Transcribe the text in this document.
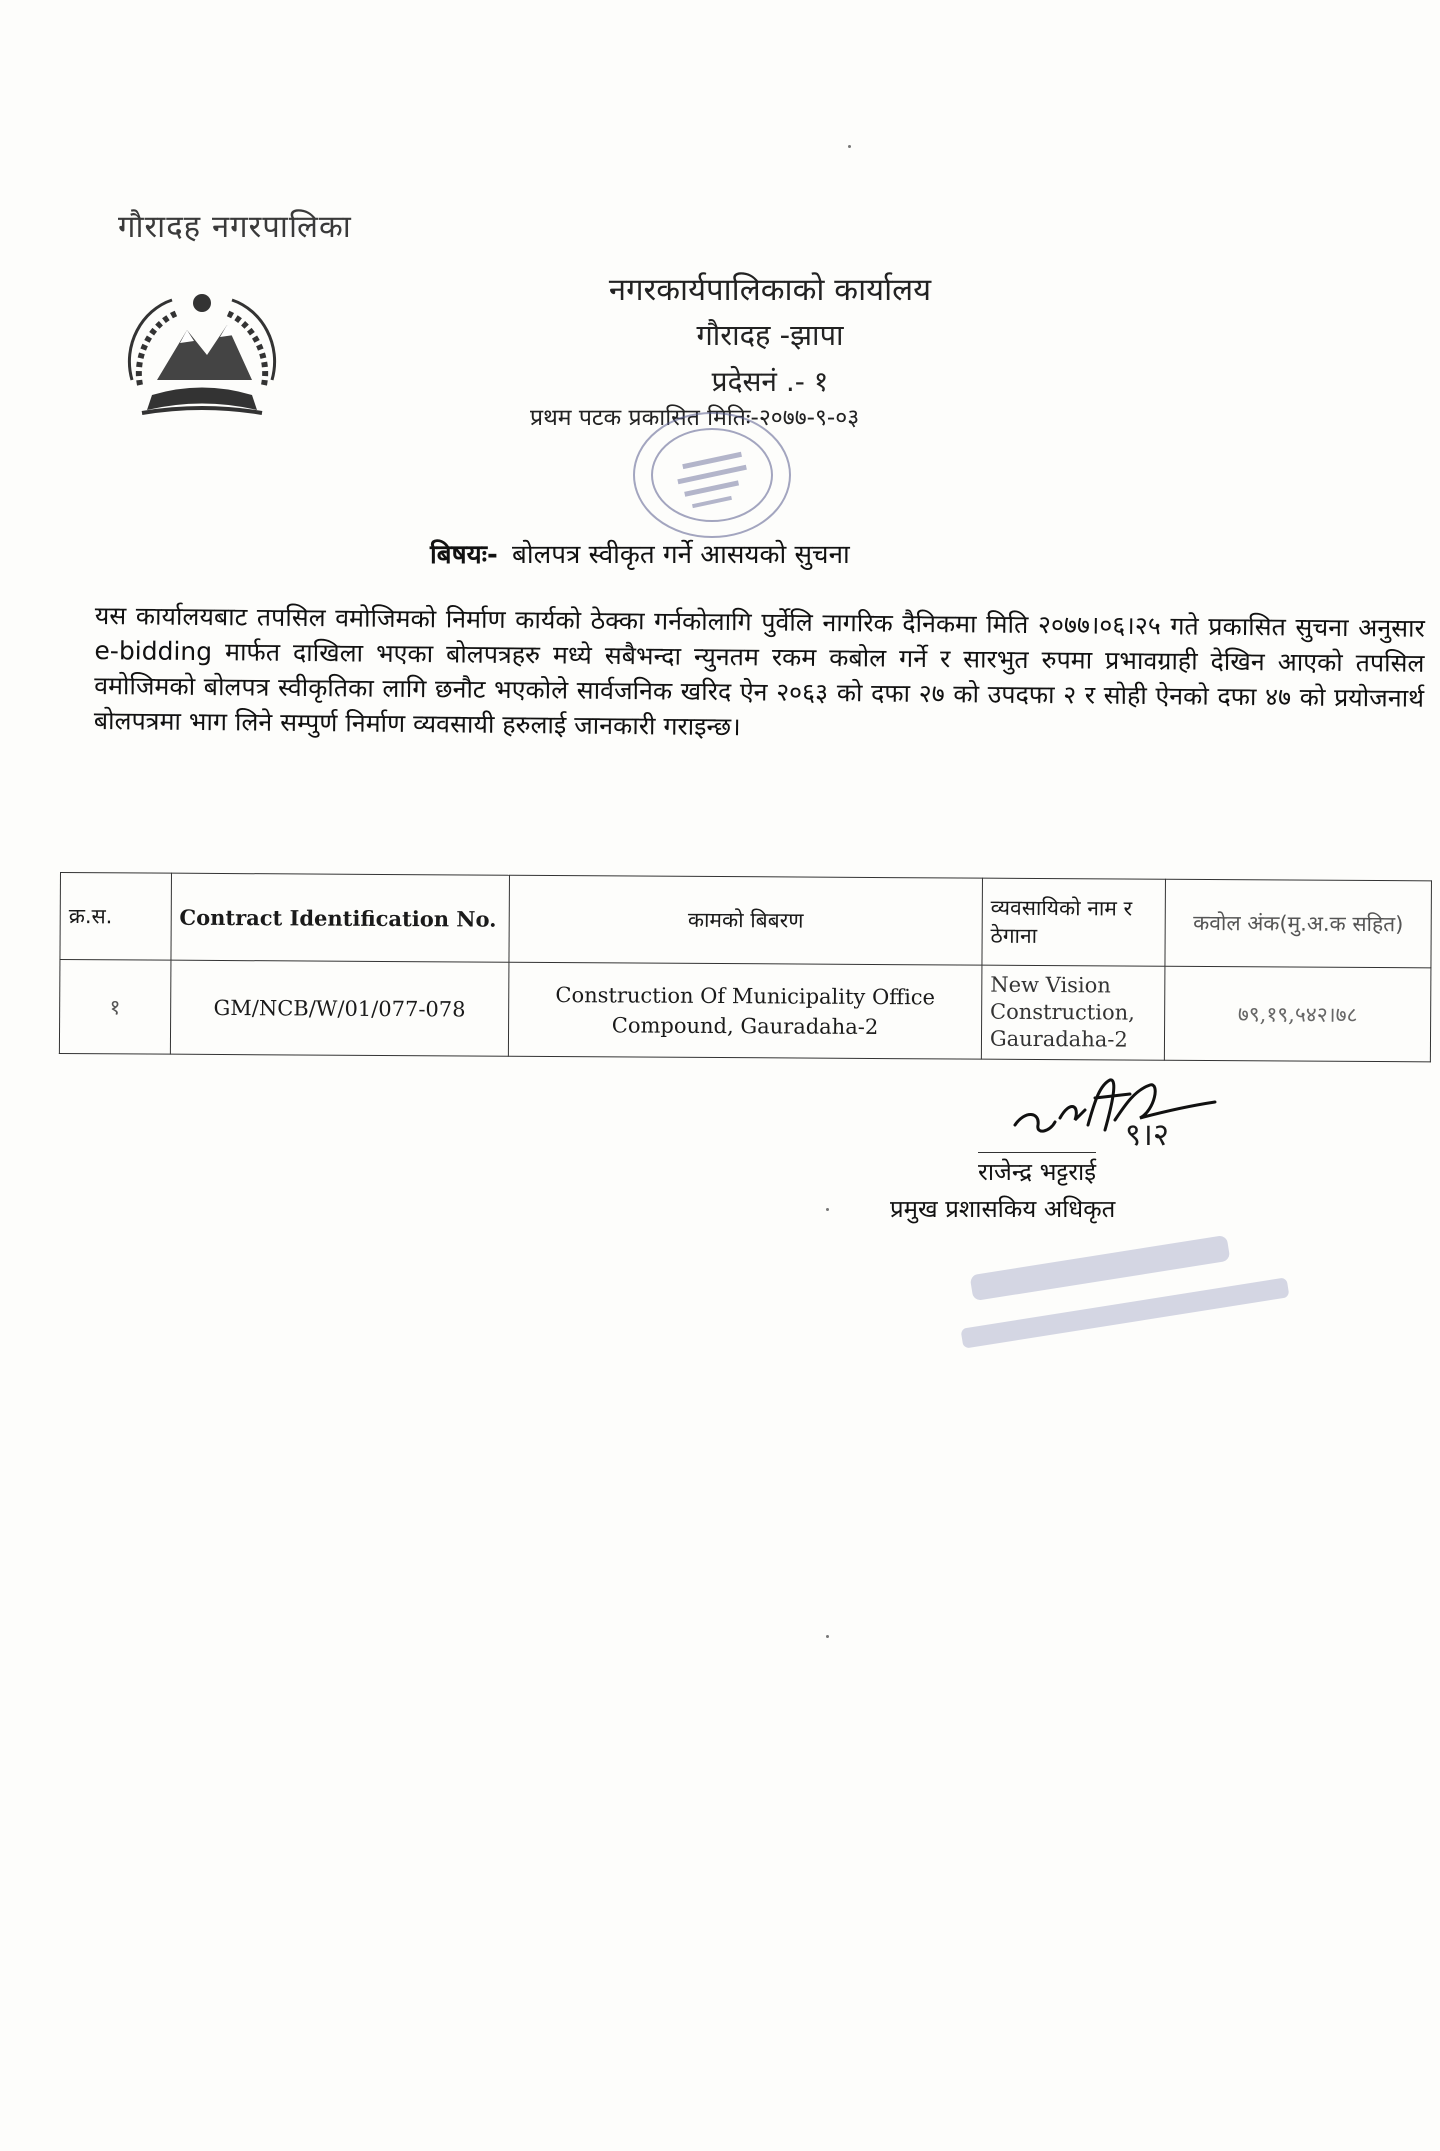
गौरादह नगरपालिका
नगरकार्यपालिकाको कार्यालय
गौरादह -झापा
प्रदेसनं .- १
प्रथम पटक प्रकासित मितिः-२०७७-९-०३
बिषयः- बोलपत्र स्वीकृत गर्ने आसयको सुचना
यस कार्यालयबाट तपसिल वमोजिमको निर्माण कार्यको ठेक्का गर्नकोलागि पुर्वेलि नागरिक दैनिकमा मिति २०७७।०६।२५ गते प्रकासित सुचना अनुसार e-bidding मार्फत दाखिला भएका बोलपत्रहरु मध्ये सबैभन्दा न्युनतम रकम कबोल गर्ने र सारभुत रुपमा प्रभावग्राही देखिन आएको तपसिल वमोजिमको बोलपत्र स्वीकृतिका लागि छनौट भएकोले सार्वजनिक खरिद ऐन २०६३ को दफा २७ को उपदफा २ र सोही ऐनको दफा ४७ को प्रयोजनार्थ बोलपत्रमा भाग लिने सम्पुर्ण निर्माण व्यवसायी हरुलाई जानकारी गराइन्छ।
क्र.स.	Contract Identification No.	कामको बिबरण	व्यवसायिको नाम र ठेगाना	कवोल अंक(मु.अ.क सहित)
१	GM/NCB/W/01/077-078	Construction Of Municipality Office Compound, Gauradaha-2	New Vision Construction, Gauradaha-2	७९,१९,५४२।७८
९।२
राजेन्द्र भट्टराई
प्रमुख प्रशासकिय अधिकृत
